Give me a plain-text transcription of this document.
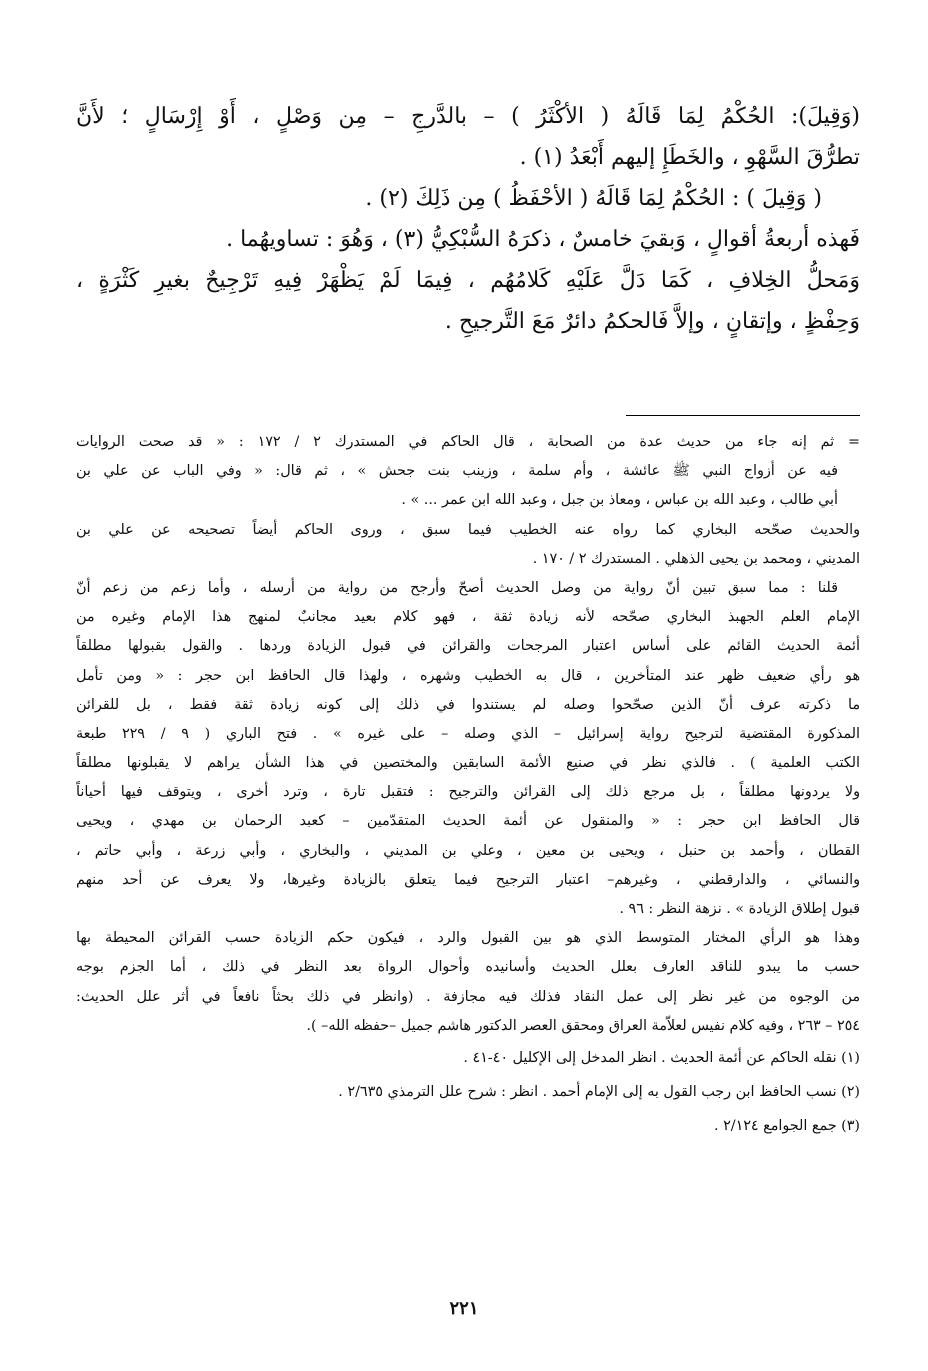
(وَقِيلَ): الحُكْمُ لِمَا قَالَهُ ( الأكْثَرُ ) – بالدَّرجِ – مِن وَصْلٍ ، أَوْ إِرْسَالٍ ؛ لأَنَّ
تطرُّقَ السَّهْوِ ، والخَطَإِ إليهم أَبْعَدُ (١) .
( وَقِيلَ ) : الحُكْمُ لِمَا قَالَهُ ( الأحْفَظُ ) مِن ذَلِكَ (٢) .
فَهذه أربعةُ أقوالٍ ، وَبقيَ خامسٌ ، ذكرَهُ السُّبْكِيُّ (٣) ، وَهُوَ : تساويهُما .
وَمَحلُّ الخِلافِ ، كَمَا دَلَّ عَلَيْهِ كَلامُهُم ، فِيمَا لَمْ يَظْهَرْ فِيهِ تَرْجِيحٌ بغيرِ كَثْرَةٍ ،
وَحِفْظٍ ، وإتقانٍ ، وإلاَّ فَالحكمُ دائرٌ مَعَ التَّرجيحِ .
= ثم إنه جاء من حديث عدة من الصحابة ، قال الحاكم في المستدرك ٢ / ١٧٢ : « قد صحت الروايات
فيه عن أزواج النبي ﷺ عائشة ، وأم سلمة ، وزينب بنت جحش » ، ثم قال: « وفي الباب عن علي بن
أبي طالب ، وعبد الله بن عباس ، ومعاذ بن جبل ، وعبد الله ابن عمر ... » .
والحديث صحّحه البخاري كما رواه عنه الخطيب فيما سبق ، وروى الحاكم أيضاً تصحيحه عن علي بن
المديني ، ومحمد بن يحيى الذهلي . المستدرك ٢ / ١٧٠ .
قلنا : مما سبق تبين أنّ رواية من وصل الحديث أصحّ وأرجح من رواية من أرسله ، وأما زعم من زعم أنّ
الإمام العلم الجهبذ البخاري صحّحه لأنه زيادة ثقة ، فهو كلام بعيد مجانبٌ لمنهج هذا الإمام وغيره من
أئمة الحديث القائم على أساس اعتبار المرجحات والقرائن في قبول الزيادة وردها . والقول بقبولها مطلقاً
هو رأي ضعيف ظهر عند المتأخرين ، قال به الخطيب وشهره ، ولهذا قال الحافظ ابن حجر : « ومن تأمل
ما ذكرته عرف أنّ الذين صحّحوا وصله لم يستندوا في ذلك إلى كونه زيادة ثقة فقط ، بل للقرائن
المذكورة المقتضية لترجيح رواية إسرائيل – الذي وصله – على غيره » . فتح الباري ( ٩ / ٢٢٩ طبعة
الكتب العلمية ) . فالذي نظر في صنيع الأئمة السابقين والمختصين في هذا الشأن يراهم لا يقبلونها مطلقاً
ولا يردونها مطلقاً ، بل مرجع ذلك إلى القرائن والترجيح : فتقبل تارة ، وترد أخرى ، ويتوقف فيها أحياناً
قال الحافظ ابن حجر : « والمنقول عن أئمة الحديث المتقدّمين – كعبد الرحمان بن مهدي ، ويحيى
القطان ، وأحمد بن حنبل ، ويحيى بن معين ، وعلي بن المديني ، والبخاري ، وأبي زرعة ، وأبي حاتم ،
والنسائي ، والدارقطني ، وغيرهم– اعتبار الترجيح فيما يتعلق بالزيادة وغيرها، ولا يعرف عن أحد منهم
قبول إطلاق الزيادة » . نزهة النظر : ٩٦ .
وهذا هو الرأي المختار المتوسط الذي هو بين القبول والرد ، فيكون حكم الزيادة حسب القرائن المحيطة بها
حسب ما يبدو للناقد العارف بعلل الحديث وأسانيده وأحوال الرواة بعد النظر في ذلك ، أما الجزم بوجه
من الوجوه من غير نظر إلى عمل النقاد فذلك فيه مجازفة . (وانظر في ذلك بحثاً نافعاً في أثر علل الحديث:
٢٥٤ – ٢٦٣ ، وفيه كلام نفيس لعلاّمة العراق ومحقق العصر الدكتور هاشم جميل –حفظه الله– ).
(١) نقله الحاكم عن أئمة الحديث . انظر المدخل إلى الإكليل ٤٠-٤١ .
(٢) نسب الحافظ ابن رجب القول به إلى الإمام أحمد . انظر : شرح علل الترمذي ٢/٦٣٥ .
(٣) جمع الجوامع ٢/١٢٤ .
٢٢١
